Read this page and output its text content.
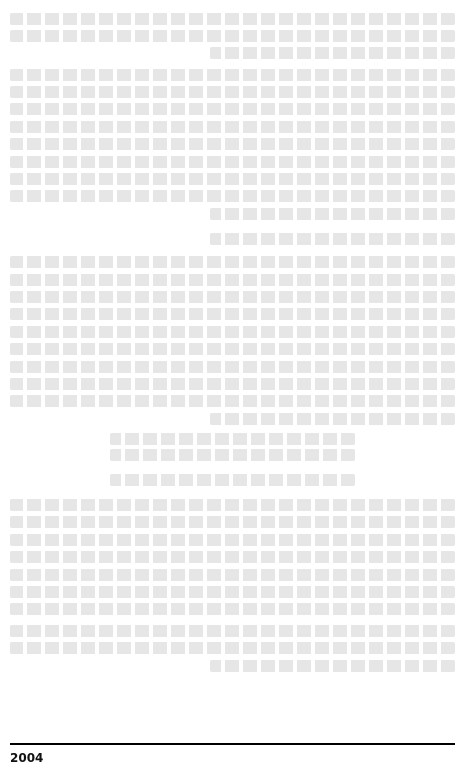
2004
